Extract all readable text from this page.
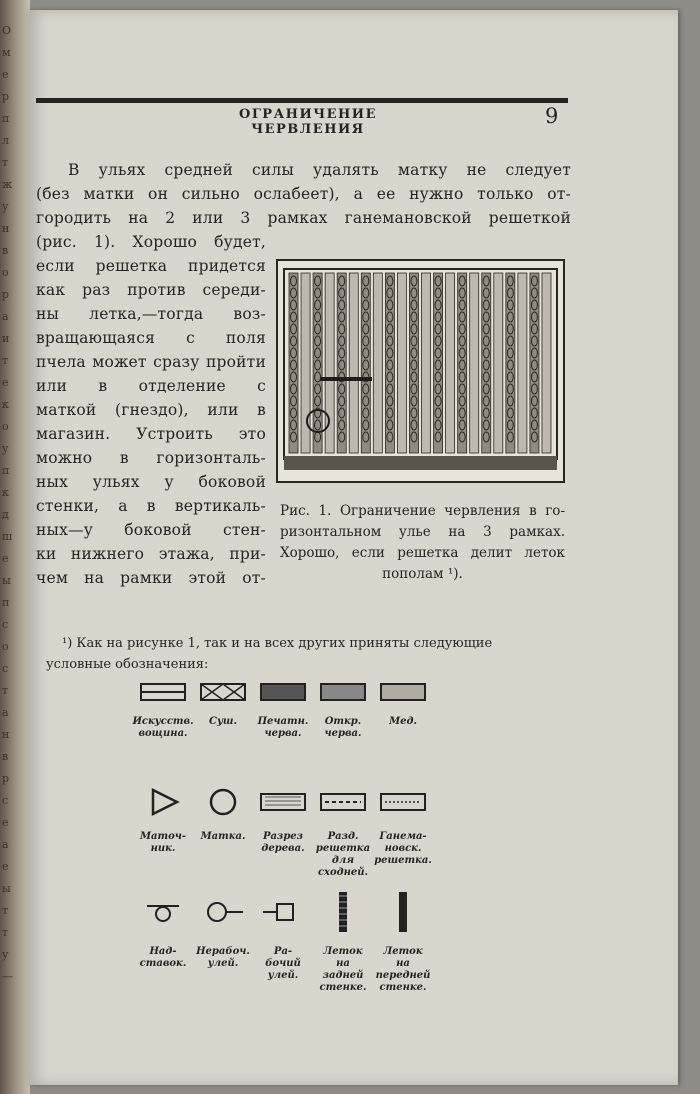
О
м
е
р
п
л
т
ж
у
н
в
о
р
а
и
т
е
к
о
у
п
к
д
ш
е
ы
п
с
о
с
т
а
н
в
р
с
е
а
е
ы
т
т
у
—
ОГРАНИЧЕНИЕ ЧЕРВЛЕНИЯ
9
В ульях средней силы удалять матку не следует
(без матки он сильно ослабеет), а ее нужно только от-
городить на 2 или 3 рамках ганемановской решеткой
(рис. 1). Хорошо будет,
если решетка придется
как раз против середи-
ны летка,—тогда воз-
вращающаяся с поля
пчела может сразу пройти
или в отделение с
маткой (гнездо), или в
магазин. Устроить это
можно в горизонталь-
ных ульях у боковой
стенки, а в вертикаль-
ных—у боковой стен-
ки нижнего этажа, при-
чем на рамки этой от-
Рис. 1. Ограничение червления в го-
ризонтальном улье на 3 рамках.
Хорошо, если решетка делит леток
пополам ¹).
¹) Как на рисунке 1, так и на всех других приняты следующие
условные обозначения:
Искусств.
вощина.
Суш.	Печатн.
черва.
Откр.
черва.
Мед.
Маточ-
ник.
Матка.	Разрез
дерева.
Разд.
решетка
для
сходней.
Ганема-
новск.
решетка.
Над-
ставок.
Нерабоч.
улей.
Ра-
бочий
улей.
Леток
на
задней
стенке.
Леток
на
передней
стенке.
